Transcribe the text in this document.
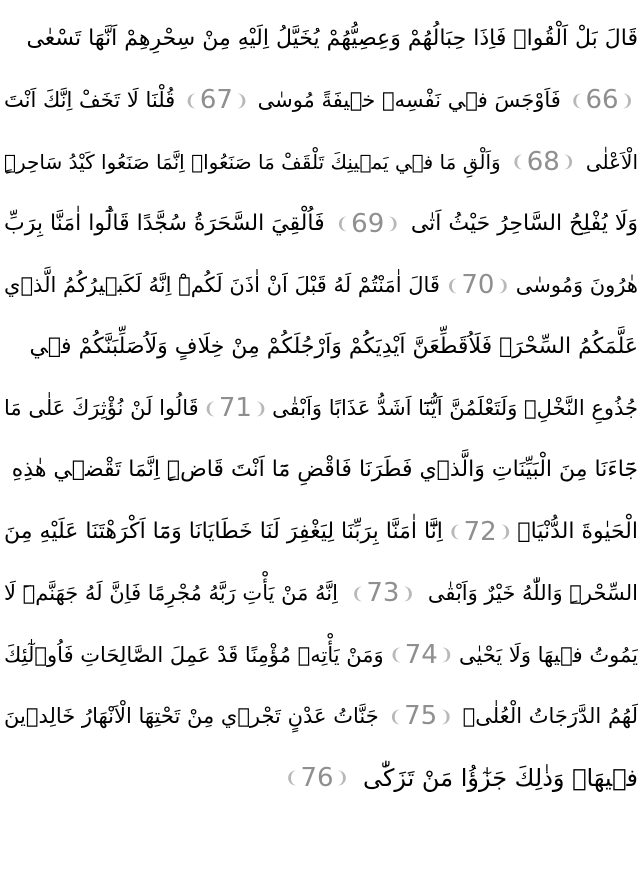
قَالَ بَلْ اَلْقُواۚ فَاِذَا حِبَالُهُمْ وَعِصِيُّهُمْ يُخَيَّلُ اِلَيْهِ مِنْ سِحْرِهِمْ اَنَّهَا تَسْعٰى
❨ 66 ❩
فَاَوْجَسَ ف۪ي نَفْسِه۪ خ۪يفَةً مُوسٰى
❨ 67 ❩
قُلْنَا لَا تَخَفْ اِنَّكَ اَنْتَ
الْاَعْلٰى
❨ 68 ❩
وَاَلْقِ مَا ف۪ي يَم۪ينِكَ تَلْقَفْ مَا صَنَعُواۜ اِنَّمَا صَنَعُوا كَيْدُ سَاحِرٍۜ
وَلَا يُفْلِحُ السَّاحِرُ حَيْثُ اَتٰى
❨ 69 ❩
فَاُلْقِيَ السَّحَرَةُ سُجَّدًا قَالُٓوا اٰمَنَّا بِرَبِّ
هٰرُونَ وَمُوسٰى
❨ 70 ❩
قَالَ اٰمَنْتُمْ لَهُ قَبْلَ اَنْ اٰذَنَ لَكُمْۜ اِنَّهُ لَكَب۪يرُكُمُ الَّذ۪ي
عَلَّمَكُمُ السِّحْرَۚ فَلَاُقَطِّعَنَّ اَيْدِيَكُمْ وَاَرْجُلَكُمْ مِنْ خِلَافٍ وَلَاُصَلِّبَنَّكُمْ ف۪ي
جُذُوعِ النَّخْلِۘ وَلَتَعْلَمُنَّ اَيُّنَٓا اَشَدُّ عَذَابًا وَاَبْقٰى
❨ 71 ❩
قَالُوا لَنْ نُؤْثِرَكَ عَلٰى مَا
جَٓاءَنَا مِنَ الْبَيِّنَاتِ وَالَّذ۪ي فَطَرَنَا فَاقْضِ مَٓا اَنْتَ قَاضٍۜ اِنَّمَا تَقْض۪ي هٰذِهِ
الْحَيٰوةَ الدُّنْيَاۜ
❨ 72 ❩
اِنَّٓا اٰمَنَّا بِرَبِّنَا لِيَغْفِرَ لَنَا خَطَايَانَا وَمَٓا اَكْرَهْتَنَا عَلَيْهِ مِنَ
السِّحْرِۜ وَاللّٰهُ خَيْرٌ وَاَبْقٰى
❨ 73 ❩
اِنَّهُ مَنْ يَأْتِ رَبَّهُ مُجْرِمًا فَاِنَّ لَهُ جَهَنَّمَۜ لَا
يَمُوتُ ف۪يهَا وَلَا يَحْيٰى
❨ 74 ❩
وَمَنْ يَأْتِه۪ مُؤْمِنًا قَدْ عَمِلَ الصَّالِحَاتِ فَاُو۬لٰٓئِكَ
لَهُمُ الدَّرَجَاتُ الْعُلٰىۙ
❨ 75 ❩
جَنَّاتُ عَدْنٍ تَجْر۪ي مِنْ تَحْتِهَا الْاَنْهَارُ خَالِد۪ينَ
ف۪يهَاۜ وَذٰلِكَ جَزٰٓؤُا مَنْ تَزَكّٰى
❨ 76 ❩
